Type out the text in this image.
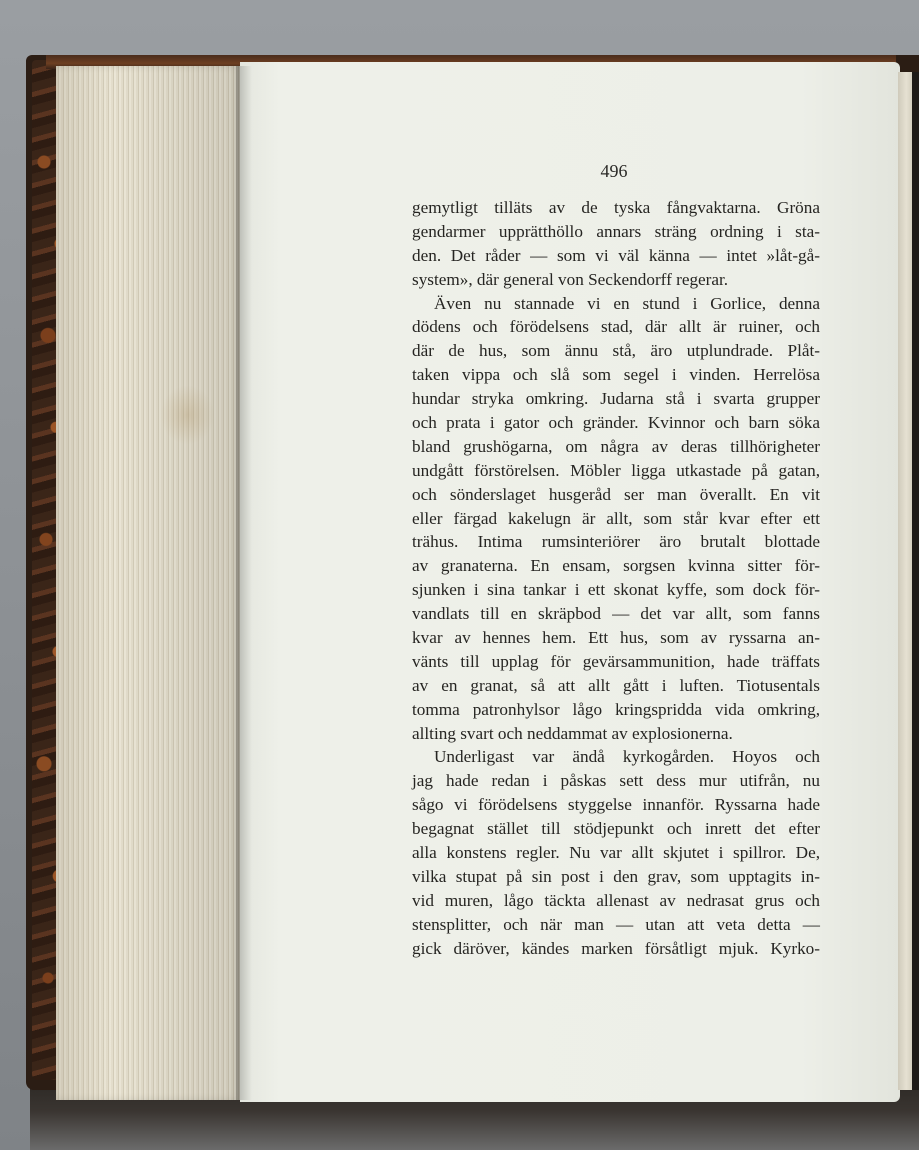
496

gemytligt tilläts av de tyska fångvaktarna. Gröna
gendarmer upprätthöllo annars sträng ordning i sta-
den. Det råder — som vi väl känna — intet »låt-gå-
system», där general von Seckendorff regerar.
Även nu stannade vi en stund i Gorlice, denna
dödens och förödelsens stad, där allt är ruiner, och
där de hus, som ännu stå, äro utplundrade. Plåt-
taken vippa och slå som segel i vinden. Herrelösa
hundar stryka omkring. Judarna stå i svarta grupper
och prata i gator och gränder. Kvinnor och barn söka
bland grushögarna, om några av deras tillhörigheter
undgått förstörelsen. Möbler ligga utkastade på gatan,
och sönderslaget husgeråd ser man överallt. En vit
eller färgad kakelugn är allt, som står kvar efter ett
trähus. Intima rumsinteriörer äro brutalt blottade
av granaterna. En ensam, sorgsen kvinna sitter för-
sjunken i sina tankar i ett skonat kyffe, som dock för-
vandlats till en skräpbod — det var allt, som fanns
kvar av hennes hem. Ett hus, som av ryssarna an-
vänts till upplag för gevärsammunition, hade träffats
av en granat, så att allt gått i luften. Tiotusentals
tomma patronhylsor lågo kringspridda vida omkring,
allting svart och neddammat av explosionerna.
Underligast var ändå kyrkogården. Hoyos och
jag hade redan i påskas sett dess mur utifrån, nu
sågo vi förödelsens styggelse innanför. Ryssarna hade
begagnat stället till stödjepunkt och inrett det efter
alla konstens regler. Nu var allt skjutet i spillror. De,
vilka stupat på sin post i den grav, som upptagits in-
vid muren, lågo täckta allenast av nedrasat grus och
stensplitter, och när man — utan att veta detta —
gick däröver, kändes marken försåtligt mjuk. Kyrko-
